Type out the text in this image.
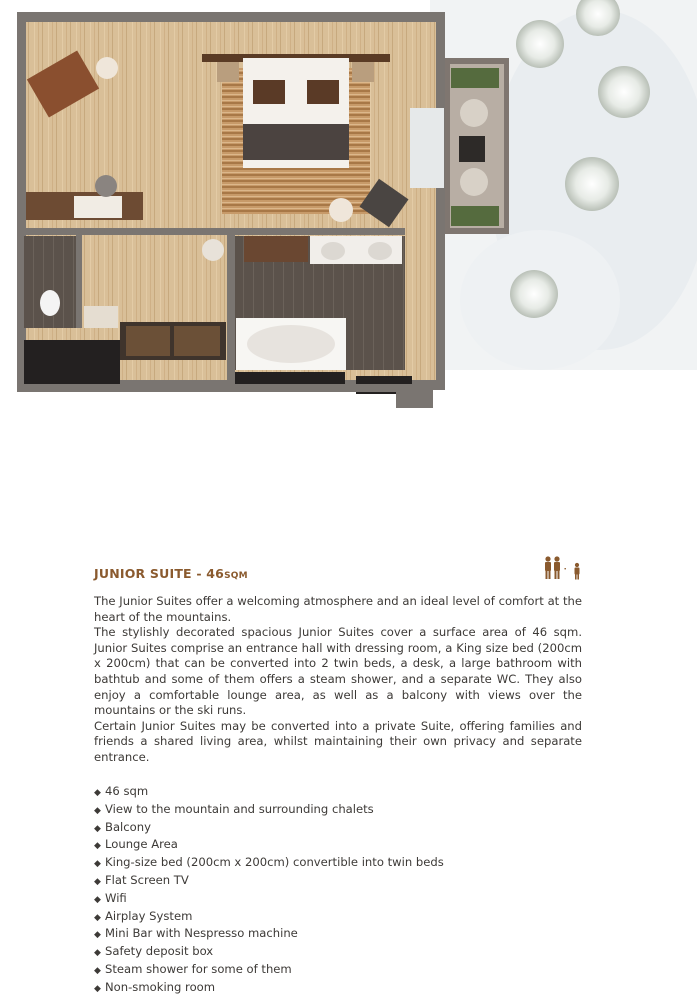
JUNIOR SUITE - 46SQM

The Junior Suites offer a welcoming atmosphere and an ideal level of comfort at the heart of the mountains.

The stylishly decorated spacious Junior Suites cover a surface area of 46 sqm. Junior Suites comprise an entrance hall with dressing room, a King size bed (200cm x 200cm) that can be converted into 2 twin beds, a desk, a large bathroom with bathtub and some of them offers a steam shower, and a separate WC. They also enjoy a comfortable lounge area, as well as a balcony with views over the mountains or the ski runs.

Certain Junior Suites may be converted into a private Suite, offering families and friends a shared living area, whilst maintaining their own privacy and separate entrance.

◆ 46 sqm
◆ View to the mountain and surrounding chalets
◆ Balcony
◆ Lounge Area
◆ King-size bed (200cm x 200cm) convertible into twin beds
◆ Flat Screen TV
◆ Wifi
◆ Airplay System
◆ Mini Bar with Nespresso machine
◆ Safety deposit box
◆ Steam shower for some of them
◆ Non-smoking room
